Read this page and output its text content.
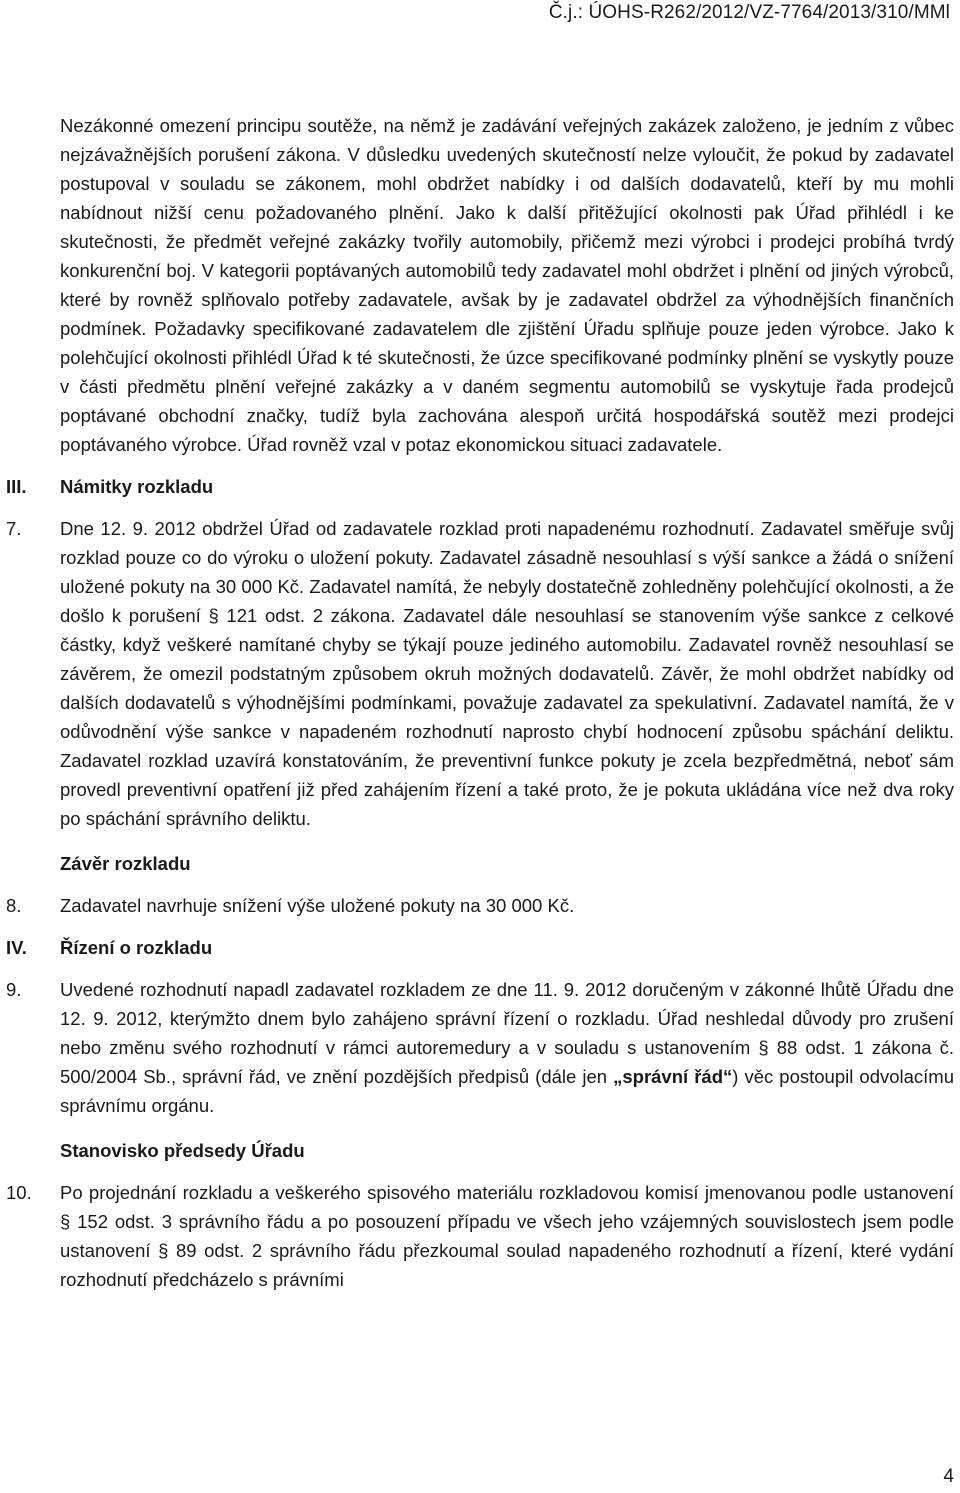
Č.j.: ÚOHS-R262/2012/VZ-7764/2013/310/MMl
Nezákonné omezení principu soutěže, na němž je zadávání veřejných zakázek založeno, je jedním z vůbec nejzávažnějších porušení zákona. V důsledku uvedených skutečností nelze vyloučit, že pokud by zadavatel postupoval v souladu se zákonem, mohl obdržet nabídky i od dalších dodavatelů, kteří by mu mohli nabídnout nižší cenu požadovaného plnění. Jako k další přitěžující okolnosti pak Úřad přihlédl i ke skutečnosti, že předmět veřejné zakázky tvořily automobily, přičemž mezi výrobci i prodejci probíhá tvrdý konkurenční boj. V kategorii poptávaných automobilů tedy zadavatel mohl obdržet i plnění od jiných výrobců, které by rovněž splňovalo potřeby zadavatele, avšak by je zadavatel obdržel za výhodnějších finančních podmínek. Požadavky specifikované zadavatelem dle zjištění Úřadu splňuje pouze jeden výrobce. Jako k polehčující okolnosti přihlédl Úřad k té skutečnosti, že úzce specifikované podmínky plnění se vyskytly pouze v části předmětu plnění veřejné zakázky a v daném segmentu automobilů se vyskytuje řada prodejců poptávané obchodní značky, tudíž byla zachována alespoň určitá hospodářská soutěž mezi prodejci poptávaného výrobce. Úřad rovněž vzal v potaz ekonomickou situaci zadavatele.
III. Námitky rozkladu
7. Dne 12. 9. 2012 obdržel Úřad od zadavatele rozklad proti napadenému rozhodnutí. Zadavatel směřuje svůj rozklad pouze co do výroku o uložení pokuty. Zadavatel zásadně nesouhlasí s výší sankce a žádá o snížení uložené pokuty na 30 000 Kč. Zadavatel namítá, že nebyly dostatečně zohledněny polehčující okolnosti, a že došlo k porušení § 121 odst. 2 zákona. Zadavatel dále nesouhlasí se stanovením výše sankce z celkové částky, když veškeré namítané chyby se týkají pouze jediného automobilu. Zadavatel rovněž nesouhlasí se závěrem, že omezil podstatným způsobem okruh možných dodavatelů. Závěr, že mohl obdržet nabídky od dalších dodavatelů s výhodnějšími podmínkami, považuje zadavatel za spekulativní. Zadavatel namítá, že v odůvodnění výše sankce v napadeném rozhodnutí naprosto chybí hodnocení způsobu spáchání deliktu. Zadavatel rozklad uzavírá konstatováním, že preventivní funkce pokuty je zcela bezpředmětná, neboť sám provedl preventivní opatření již před zahájením řízení a také proto, že je pokuta ukládána více než dva roky po spáchání správního deliktu.
Závěr rozkladu
8. Zadavatel navrhuje snížení výše uložené pokuty na 30 000 Kč.
IV. Řízení o rozkladu
9. Uvedené rozhodnutí napadl zadavatel rozkladem ze dne 11. 9. 2012 doručeným v zákonné lhůtě Úřadu dne 12. 9. 2012, kterýmžto dnem bylo zahájeno správní řízení o rozkladu. Úřad neshledal důvody pro zrušení nebo změnu svého rozhodnutí v rámci autoremedury a v souladu s ustanovením § 88 odst. 1 zákona č. 500/2004 Sb., správní řád, ve znění pozdějších předpisů (dále jen „správní řád“) věc postoupil odvolacímu správnímu orgánu.
Stanovisko předsedy Úřadu
10. Po projednání rozkladu a veškerého spisového materiálu rozkladovou komisí jmenovanou podle ustanovení § 152 odst. 3 správního řádu a po posouzení případu ve všech jeho vzájemných souvislostech jsem podle ustanovení § 89 odst. 2 správního řádu přezkoumal soulad napadeného rozhodnutí a řízení, které vydání rozhodnutí předcházelo s právními
4
